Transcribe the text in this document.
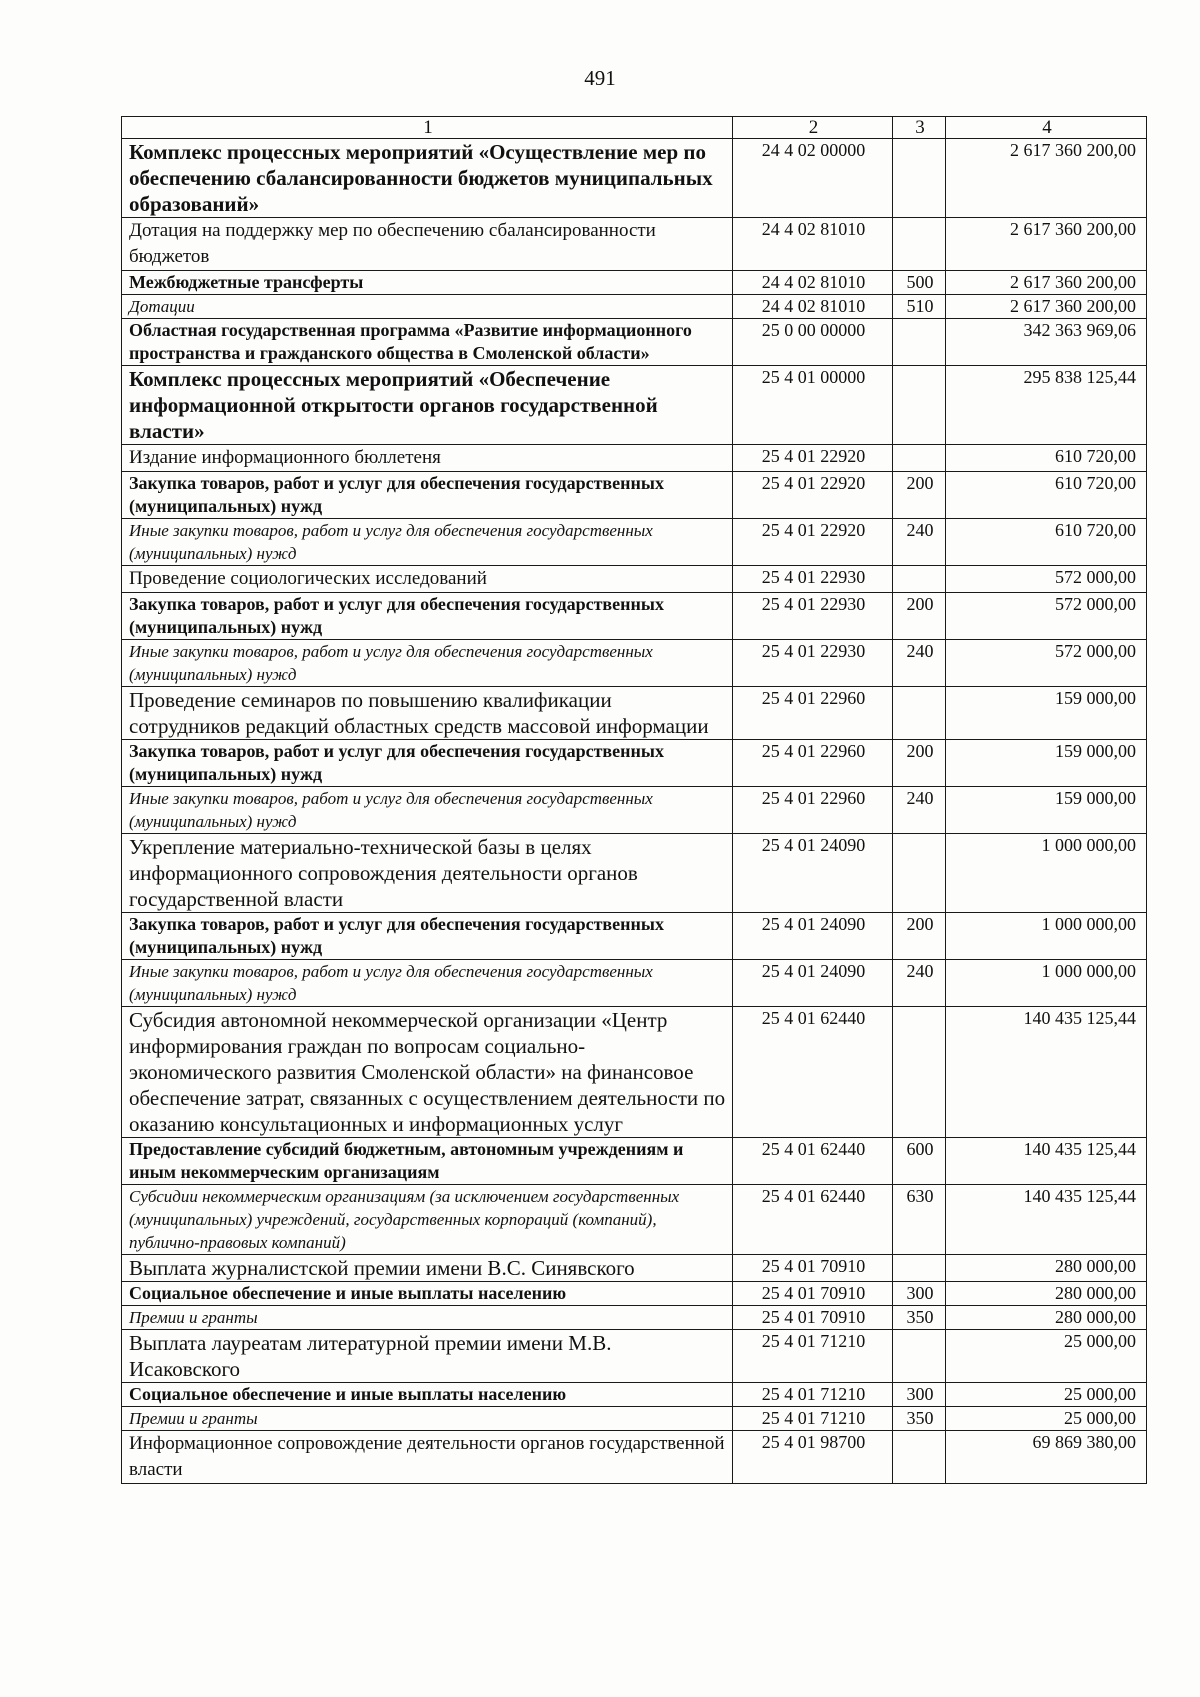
491
1	2	3	4
Комплекс процессных мероприятий «Осуществление мер по обеспечению сбалансированности бюджетов муниципальных образований»	24 4 02 00000		2 617 360 200,00
Дотация на поддержку мер по обеспечению сбалансированности бюджетов	24 4 02 81010		2 617 360 200,00
Межбюджетные трансферты	24 4 02 81010	500	2 617 360 200,00
Дотации	24 4 02 81010	510	2 617 360 200,00
Областная государственная программа «Развитие информационного пространства и гражданского общества в Смоленской области»	25 0 00 00000		342 363 969,06
Комплекс процессных мероприятий «Обеспечение информационной открытости органов государственной власти»	25 4 01 00000		295 838 125,44
Издание информационного бюллетеня	25 4 01 22920		610 720,00
Закупка товаров, работ и услуг для обеспечения государственных (муниципальных) нужд	25 4 01 22920	200	610 720,00
Иные закупки товаров, работ и услуг для обеспечения государственных (муниципальных) нужд	25 4 01 22920	240	610 720,00
Проведение социологических исследований	25 4 01 22930		572 000,00
Закупка товаров, работ и услуг для обеспечения государственных (муниципальных) нужд	25 4 01 22930	200	572 000,00
Иные закупки товаров, работ и услуг для обеспечения государственных (муниципальных) нужд	25 4 01 22930	240	572 000,00
Проведение семинаров по повышению квалификации сотрудников редакций областных средств массовой информации	25 4 01 22960		159 000,00
Закупка товаров, работ и услуг для обеспечения государственных (муниципальных) нужд	25 4 01 22960	200	159 000,00
Иные закупки товаров, работ и услуг для обеспечения государственных (муниципальных) нужд	25 4 01 22960	240	159 000,00
Укрепление материально-технической базы в целях информационного сопровождения деятельности органов государственной власти	25 4 01 24090		1 000 000,00
Закупка товаров, работ и услуг для обеспечения государственных (муниципальных) нужд	25 4 01 24090	200	1 000 000,00
Иные закупки товаров, работ и услуг для обеспечения государственных (муниципальных) нужд	25 4 01 24090	240	1 000 000,00
Субсидия автономной некоммерческой организации «Центр информирования граждан по вопросам социально-экономического развития Смоленской области» на финансовое обеспечение затрат, связанных с осуществлением деятельности по оказанию консультационных и информационных услуг	25 4 01 62440		140 435 125,44
Предоставление субсидий бюджетным, автономным учреждениям и иным некоммерческим организациям	25 4 01 62440	600	140 435 125,44
Субсидии некоммерческим организациям (за исключением государственных (муниципальных) учреждений, государственных корпораций (компаний), публично-правовых компаний)	25 4 01 62440	630	140 435 125,44
Выплата журналистской премии имени В.С. Синявского	25 4 01 70910		280 000,00
Социальное обеспечение и иные выплаты населению	25 4 01 70910	300	280 000,00
Премии и гранты	25 4 01 70910	350	280 000,00
Выплата лауреатам литературной премии имени М.В. Исаковского	25 4 01 71210		25 000,00
Социальное обеспечение и иные выплаты населению	25 4 01 71210	300	25 000,00
Премии и гранты	25 4 01 71210	350	25 000,00
Информационное сопровождение деятельности органов государственной власти	25 4 01 98700		69 869 380,00
